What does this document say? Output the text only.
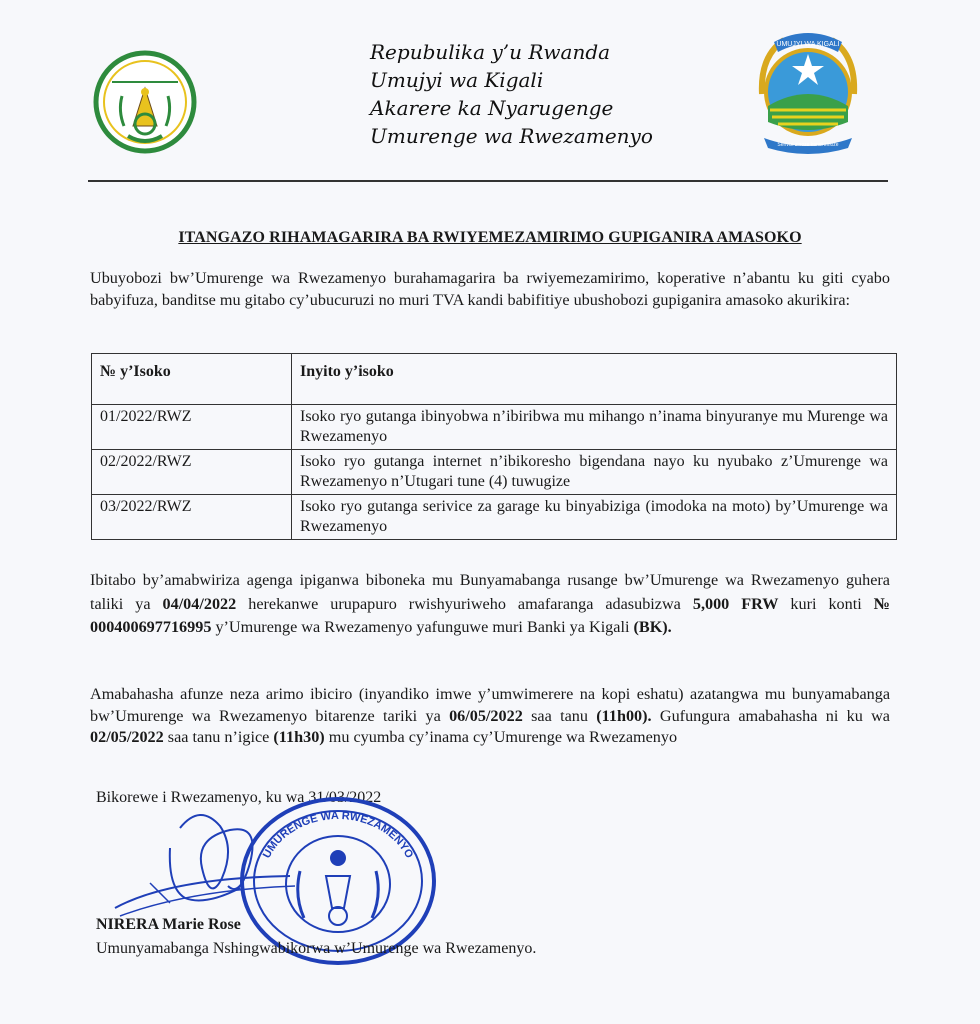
Repubulika y’u Rwanda
Umujyi wa Kigali
Akarere ka Nyarugenge
Umurenge wa Rwezamenyo
UMUJYI WA KIGALI
Serivisi zinoze kandi zinoze
ITANGAZO RIHAMAGARIRA BA RWIYEMEZAMIRIMO GUPIGANIRA AMASOKO
Ubuyobozi bw’Umurenge wa Rwezamenyo burahamagarira ba rwiyemezamirimo, koperative n’abantu ku giti cyabo babyifuza, banditse mu gitabo cy’ubucuruzi no muri TVA kandi babifitiye ubushobozi gupiganira amasoko akurikira:
№ y’Isoko	Inyito y’isoko
01/2022/RWZ	Isoko ryo gutanga ibinyobwa n’ibiribwa mu mihango n’inama binyuranye mu Murenge wa Rwezamenyo
02/2022/RWZ	Isoko ryo gutanga internet n’ibikoresho bigendana nayo ku nyubako z’Umurenge wa Rwezamenyo n’Utugari tune (4) tuwugize
03/2022/RWZ	Isoko ryo gutanga serivice za garage ku binyabiziga (imodoka na moto) by’Umurenge wa Rwezamenyo
Ibitabo by’amabwiriza agenga ipiganwa biboneka mu Bunyamabanga rusange bw’Umurenge wa Rwezamenyo guhera taliki ya 04/04/2022 herekanwe urupapuro rwishyuriweho amafaranga adasubizwa 5,000 FRW kuri konti № 000400697716995 y’Umurenge wa Rwezamenyo yafunguwe muri Banki ya Kigali (BK).
Amabahasha afunze neza arimo ibiciro (inyandiko imwe y’umwimerere na kopi eshatu) azatangwa mu bunyamabanga bw’Umurenge wa Rwezamenyo bitarenze tariki ya 06/05/2022 saa tanu (11h00). Gufungura amabahasha ni ku wa 02/05/2022 saa tanu n’igice (11h30) mu cyumba cy’inama cy’Umurenge wa Rwezamenyo
Bikorewe i Rwezamenyo, ku wa 31/03/2022
UMURENGE WA RWEZAMENYO
NIRERA Marie Rose
Umunyamabanga Nshingwabikorwa w’Umurenge wa Rwezamenyo.
